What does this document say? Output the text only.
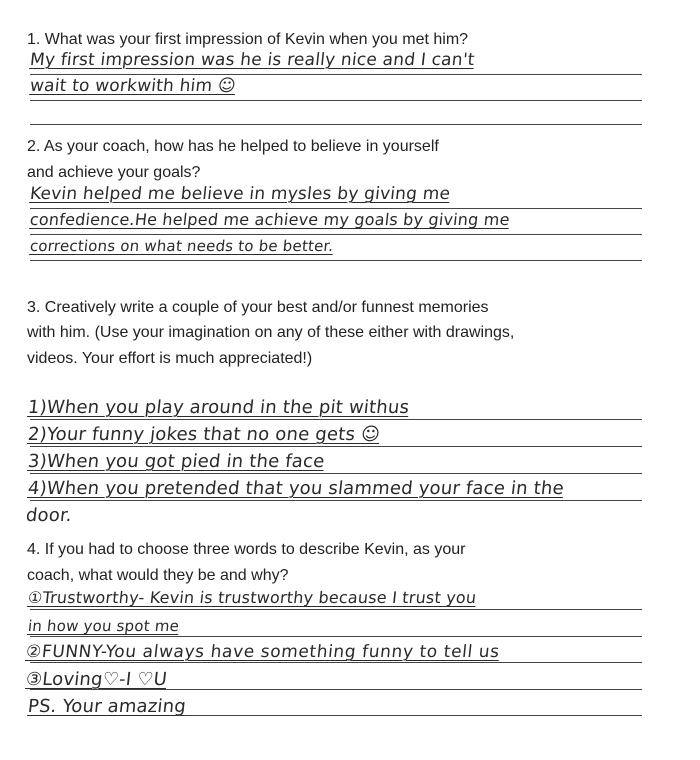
1. What was your first impression of Kevin when you met him?
My first impression was he is really nice and I can't
wait to workwith him ☺
2. As your coach, how has he helped to believe in yourself
and achieve your goals?
Kevin helped me believe in mysles by giving me
confedience.He helped me achieve my goals by giving me
corrections on what needs to be better.
3. Creatively write a couple of your best and/or funnest memories
with him. (Use your imagination on any of these either with drawings,
videos. Your effort is much appreciated!)
1)When you play around in the pit withus
2)Your funny jokes that no one gets ☺
3)When you got pied in the face
4)When you pretended that you slammed your face in the
door.
4. If you had to choose three words to describe Kevin, as your
coach, what would they be and why?
①Trustworthy- Kevin is trustworthy because I trust you
in how you spot me
②FUNNY-You always have something funny to tell us
③Loving♡-I ♡U
PS. Your amazing
